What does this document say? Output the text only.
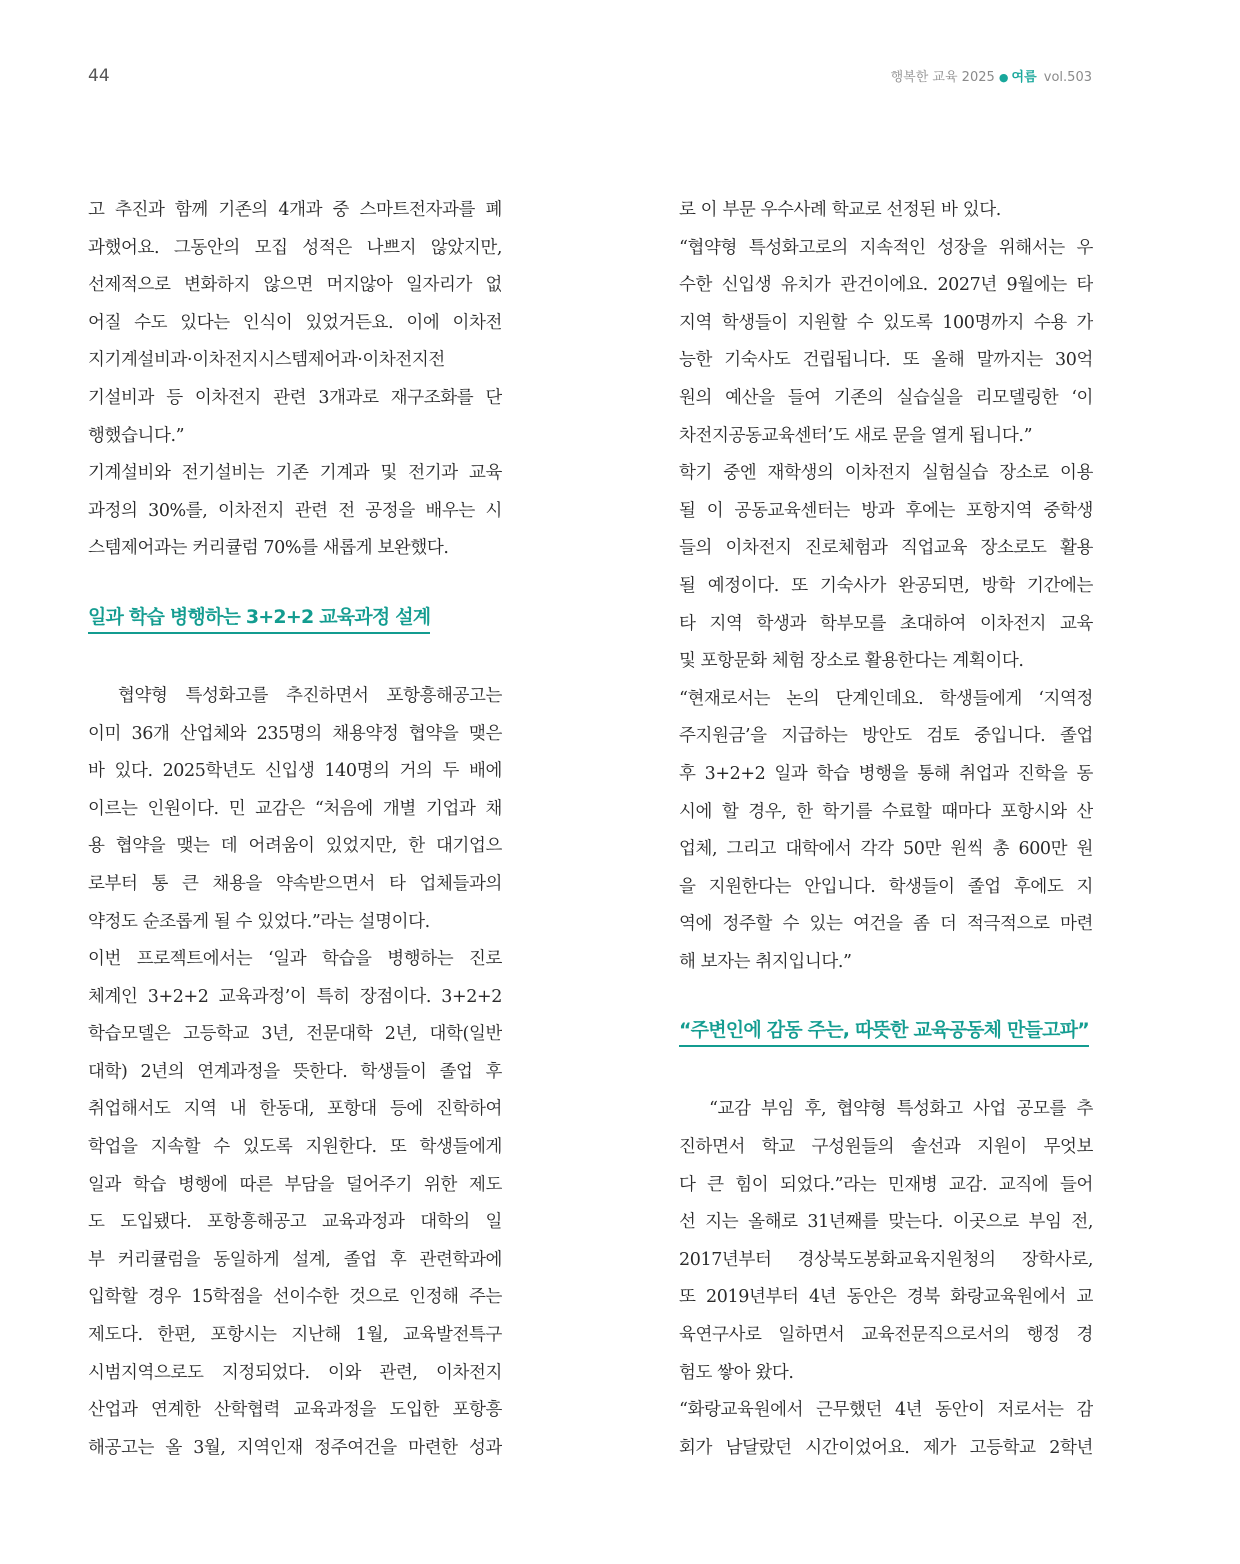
44	행복한 교육 2025 ● 여름 vol.503
고 추진과 함께 기존의 4개과 중 스마트전자과를 폐
과했어요. 그동안의 모집 성적은 나쁘지 않았지만,
선제적으로 변화하지 않으면 머지않아 일자리가 없
어질 수도 있다는 인식이 있었거든요. 이에 이차전
지기계설비과·이차전지시스템제어과·이차전지전
기설비과 등 이차전지 관련 3개과로 재구조화를 단
행했습니다.”
기계설비와 전기설비는 기존 기계과 및 전기과 교육
과정의 30%를, 이차전지 관련 전 공정을 배우는 시
스템제어과는 커리큘럼 70%를 새롭게 보완했다.
일과 학습 병행하는 3+2+2 교육과정 설계
협약형 특성화고를 추진하면서 포항흥해공고는
이미 36개 산업체와 235명의 채용약정 협약을 맺은
바 있다. 2025학년도 신입생 140명의 거의 두 배에
이르는 인원이다. 민 교감은 “처음에 개별 기업과 채
용 협약을 맺는 데 어려움이 있었지만, 한 대기업으
로부터 통 큰 채용을 약속받으면서 타 업체들과의
약정도 순조롭게 될 수 있었다.”라는 설명이다.
이번 프로젝트에서는 ‘일과 학습을 병행하는 진로
체계인 3+2+2 교육과정’이 특히 장점이다. 3+2+2
학습모델은 고등학교 3년, 전문대학 2년, 대학(일반
대학) 2년의 연계과정을 뜻한다. 학생들이 졸업 후
취업해서도 지역 내 한동대, 포항대 등에 진학하여
학업을 지속할 수 있도록 지원한다. 또 학생들에게
일과 학습 병행에 따른 부담을 덜어주기 위한 제도
도 도입됐다. 포항흥해공고 교육과정과 대학의 일
부 커리큘럼을 동일하게 설계, 졸업 후 관련학과에
입학할 경우 15학점을 선이수한 것으로 인정해 주는
제도다. 한편, 포항시는 지난해 1월, 교육발전특구
시범지역으로도 지정되었다. 이와 관련, 이차전지
산업과 연계한 산학협력 교육과정을 도입한 포항흥
해공고는 올 3월, 지역인재 정주여건을 마련한 성과
로 이 부문 우수사례 학교로 선정된 바 있다.
“협약형 특성화고로의 지속적인 성장을 위해서는 우
수한 신입생 유치가 관건이에요. 2027년 9월에는 타
지역 학생들이 지원할 수 있도록 100명까지 수용 가
능한 기숙사도 건립됩니다. 또 올해 말까지는 30억
원의 예산을 들여 기존의 실습실을 리모델링한 ‘이
차전지공동교육센터’도 새로 문을 열게 됩니다.”
학기 중엔 재학생의 이차전지 실험실습 장소로 이용
될 이 공동교육센터는 방과 후에는 포항지역 중학생
들의 이차전지 진로체험과 직업교육 장소로도 활용
될 예정이다. 또 기숙사가 완공되면, 방학 기간에는
타 지역 학생과 학부모를 초대하여 이차전지 교육
및 포항문화 체험 장소로 활용한다는 계획이다.
“현재로서는 논의 단계인데요. 학생들에게 ‘지역정
주지원금’을 지급하는 방안도 검토 중입니다. 졸업
후 3+2+2 일과 학습 병행을 통해 취업과 진학을 동
시에 할 경우, 한 학기를 수료할 때마다 포항시와 산
업체, 그리고 대학에서 각각 50만 원씩 총 600만 원
을 지원한다는 안입니다. 학생들이 졸업 후에도 지
역에 정주할 수 있는 여건을 좀 더 적극적으로 마련
해 보자는 취지입니다.”
“주변인에 감동 주는, 따뜻한 교육공동체 만들고파”
“교감 부임 후, 협약형 특성화고 사업 공모를 추
진하면서 학교 구성원들의 솔선과 지원이 무엇보
다 큰 힘이 되었다.”라는 민재병 교감. 교직에 들어
선 지는 올해로 31년째를 맞는다. 이곳으로 부임 전,
2017년부터 경상북도봉화교육지원청의 장학사로,
또 2019년부터 4년 동안은 경북 화랑교육원에서 교
육연구사로 일하면서 교육전문직으로서의 행정 경
험도 쌓아 왔다.
“화랑교육원에서 근무했던 4년 동안이 저로서는 감
회가 남달랐던 시간이었어요. 제가 고등학교 2학년
